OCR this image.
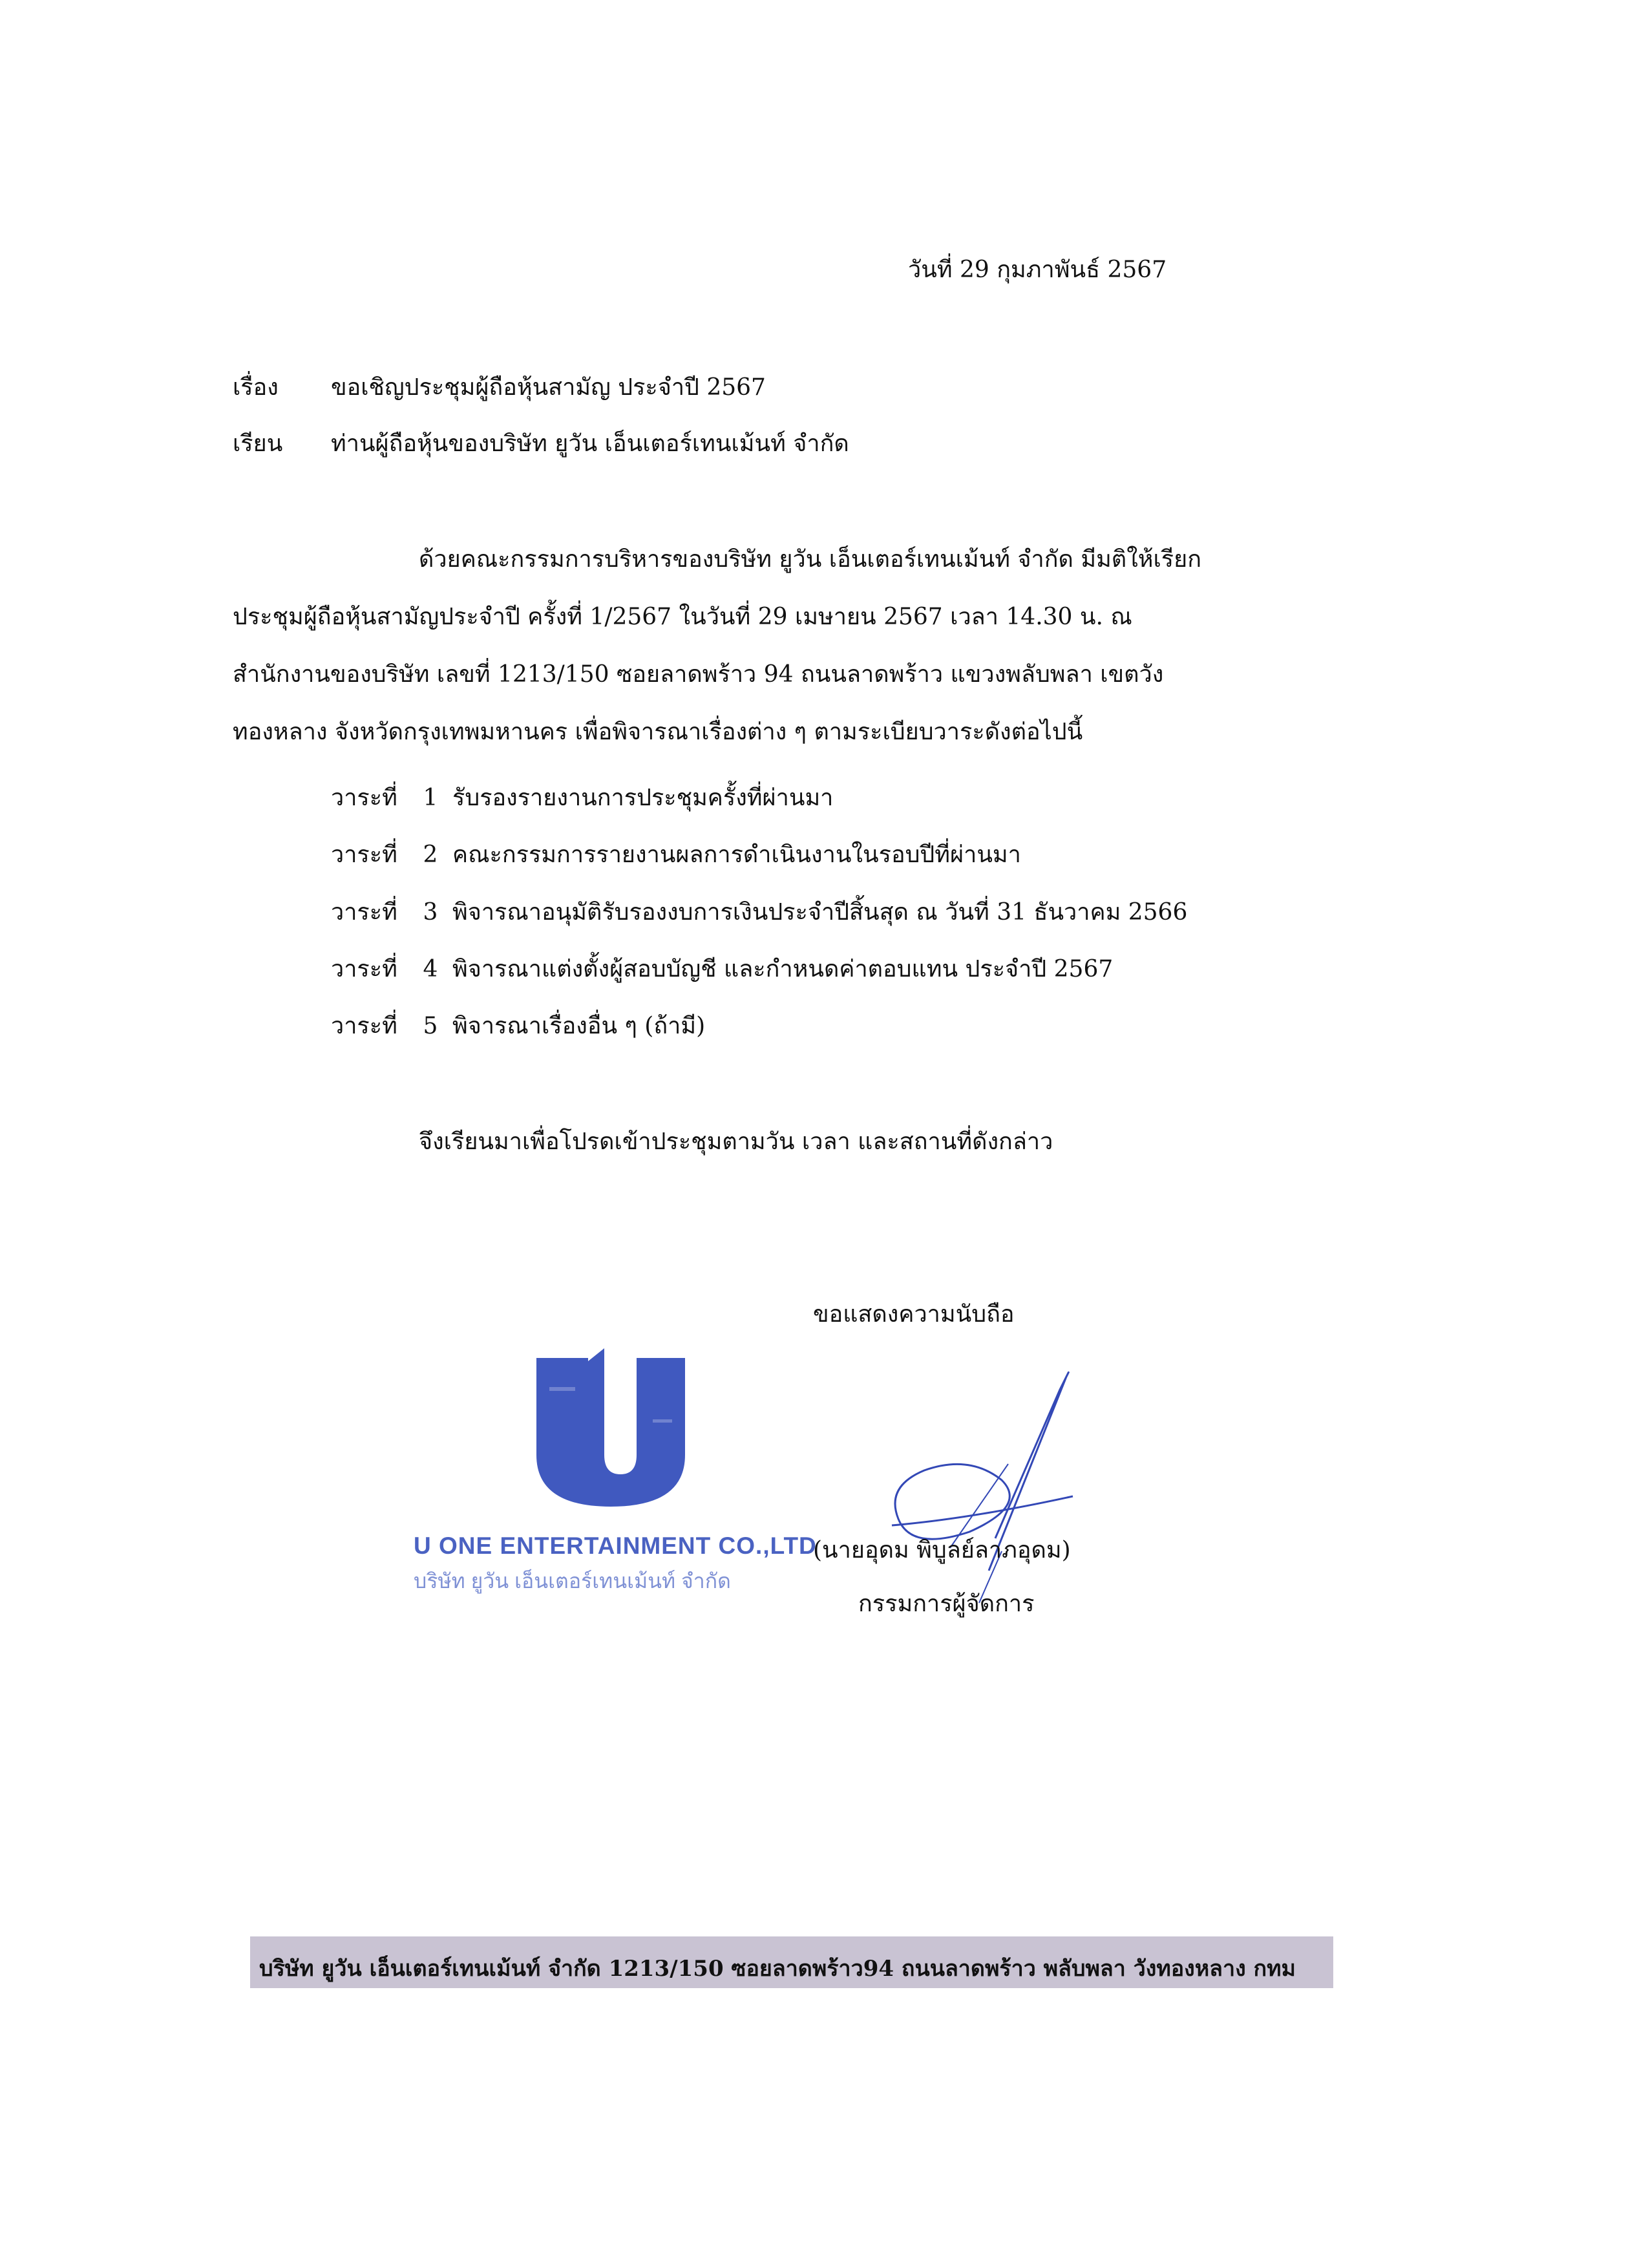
วันที่ 29 กุมภาพันธ์ 2567
เรื่อง ขอเชิญประชุมผู้ถือหุ้นสามัญ ประจำปี 2567
เรียน ท่านผู้ถือหุ้นของบริษัท ยูวัน เอ็นเตอร์เทนเม้นท์ จำกัด
ด้วยคณะกรรมการบริหารของบริษัท ยูวัน เอ็นเตอร์เทนเม้นท์ จำกัด มีมติให้เรียก
ประชุมผู้ถือหุ้นสามัญประจำปี ครั้งที่ 1/2567 ในวันที่ 29 เมษายน 2567 เวลา 14.30 น. ณ
สำนักงานของบริษัท เลขที่ 1213/150 ซอยลาดพร้าว 94 ถนนลาดพร้าว แขวงพลับพลา เขตวัง
ทองหลาง จังหวัดกรุงเทพมหานคร เพื่อพิจารณาเรื่องต่าง ๆ ตามระเบียบวาระดังต่อไปนี้
วาระที่ 1 รับรองรายงานการประชุมครั้งที่ผ่านมา
วาระที่ 2 คณะกรรมการรายงานผลการดำเนินงานในรอบปีที่ผ่านมา
วาระที่ 3 พิจารณาอนุมัติรับรองงบการเงินประจำปีสิ้นสุด ณ วันที่ 31 ธันวาคม 2566
วาระที่ 4 พิจารณาแต่งตั้งผู้สอบบัญชี และกำหนดค่าตอบแทน ประจำปี 2567
วาระที่ 5 พิจารณาเรื่องอื่น ๆ (ถ้ามี)
จึงเรียนมาเพื่อโปรดเข้าประชุมตามวัน เวลา และสถานที่ดังกล่าว
ขอแสดงความนับถือ
U ONE ENTERTAINMENT CO.,LTD
บริษัท ยูวัน เอ็นเตอร์เทนเม้นท์ จำกัด
(นายอุดม พิบูลย์ลาภอุดม)
กรรมการผู้จัดการ
บริษัท ยูวัน เอ็นเตอร์เทนเม้นท์ จำกัด 1213/150 ซอยลาดพร้าว94 ถนนลาดพร้าว พลับพลา วังทองหลาง กทม
